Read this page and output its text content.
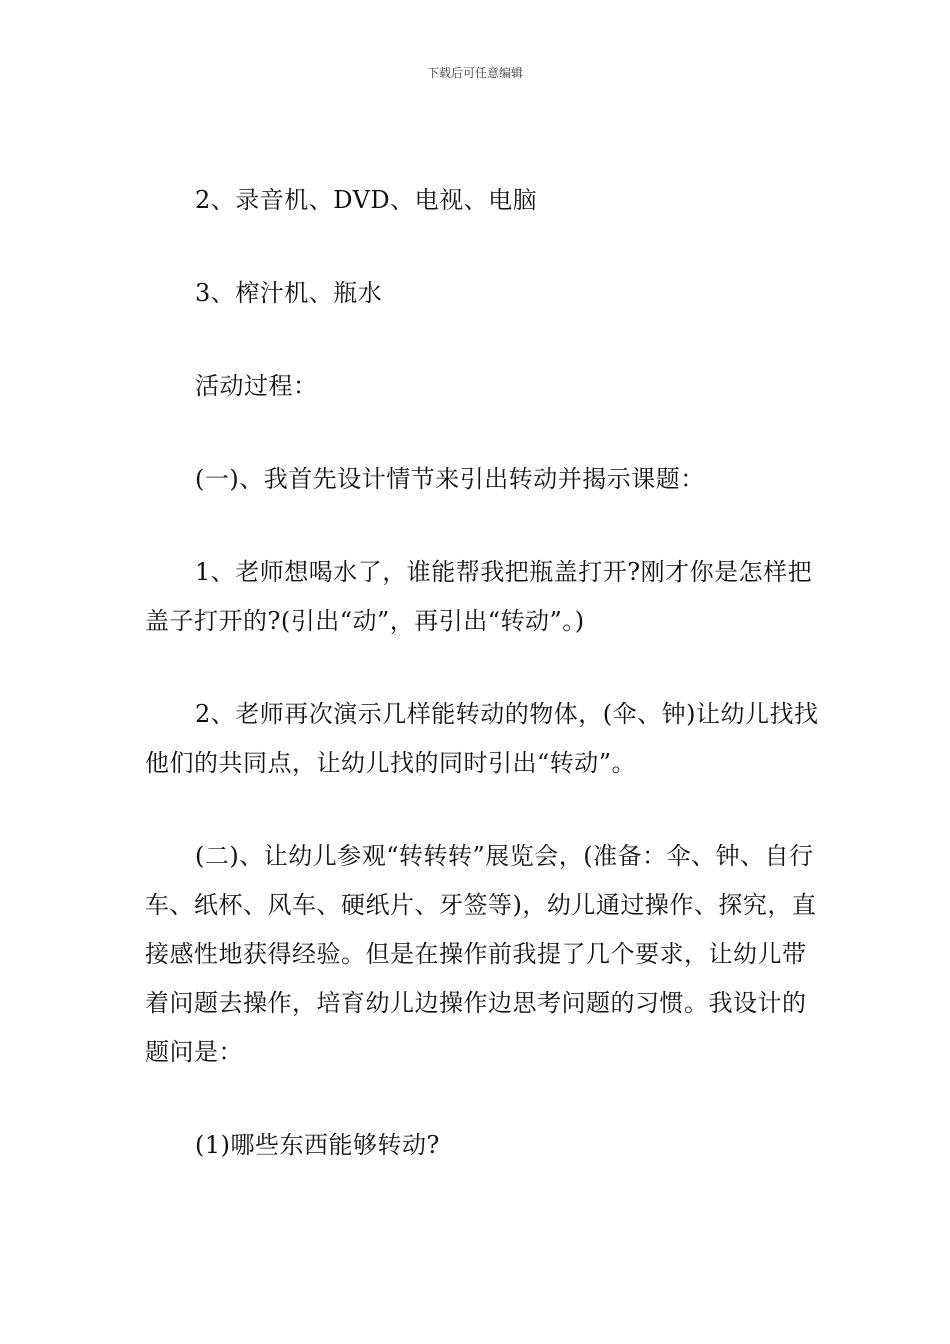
下载后可任意编辑

2、录音机、DVD、电视、电脑

3、榨汁机、瓶水

活动过程：

(一)、我首先设计情节来引出转动并揭示课题：

1、老师想喝水了，谁能帮我把瓶盖打开?刚才你是怎样把盖子打开的?(引出“动”，再引出“转动”。)

2、老师再次演示几样能转动的物体，(伞、钟)让幼儿找找他们的共同点，让幼儿找的同时引出“转动”。

(二)、让幼儿参观“转转转”展览会，(准备：伞、钟、自行车、纸杯、风车、硬纸片、牙签等)，幼儿通过操作、探究，直接感性地获得经验。但是在操作前我提了几个要求，让幼儿带着问题去操作，培育幼儿边操作边思考问题的习惯。我设计的题问是：

(1)哪些东西能够转动?
